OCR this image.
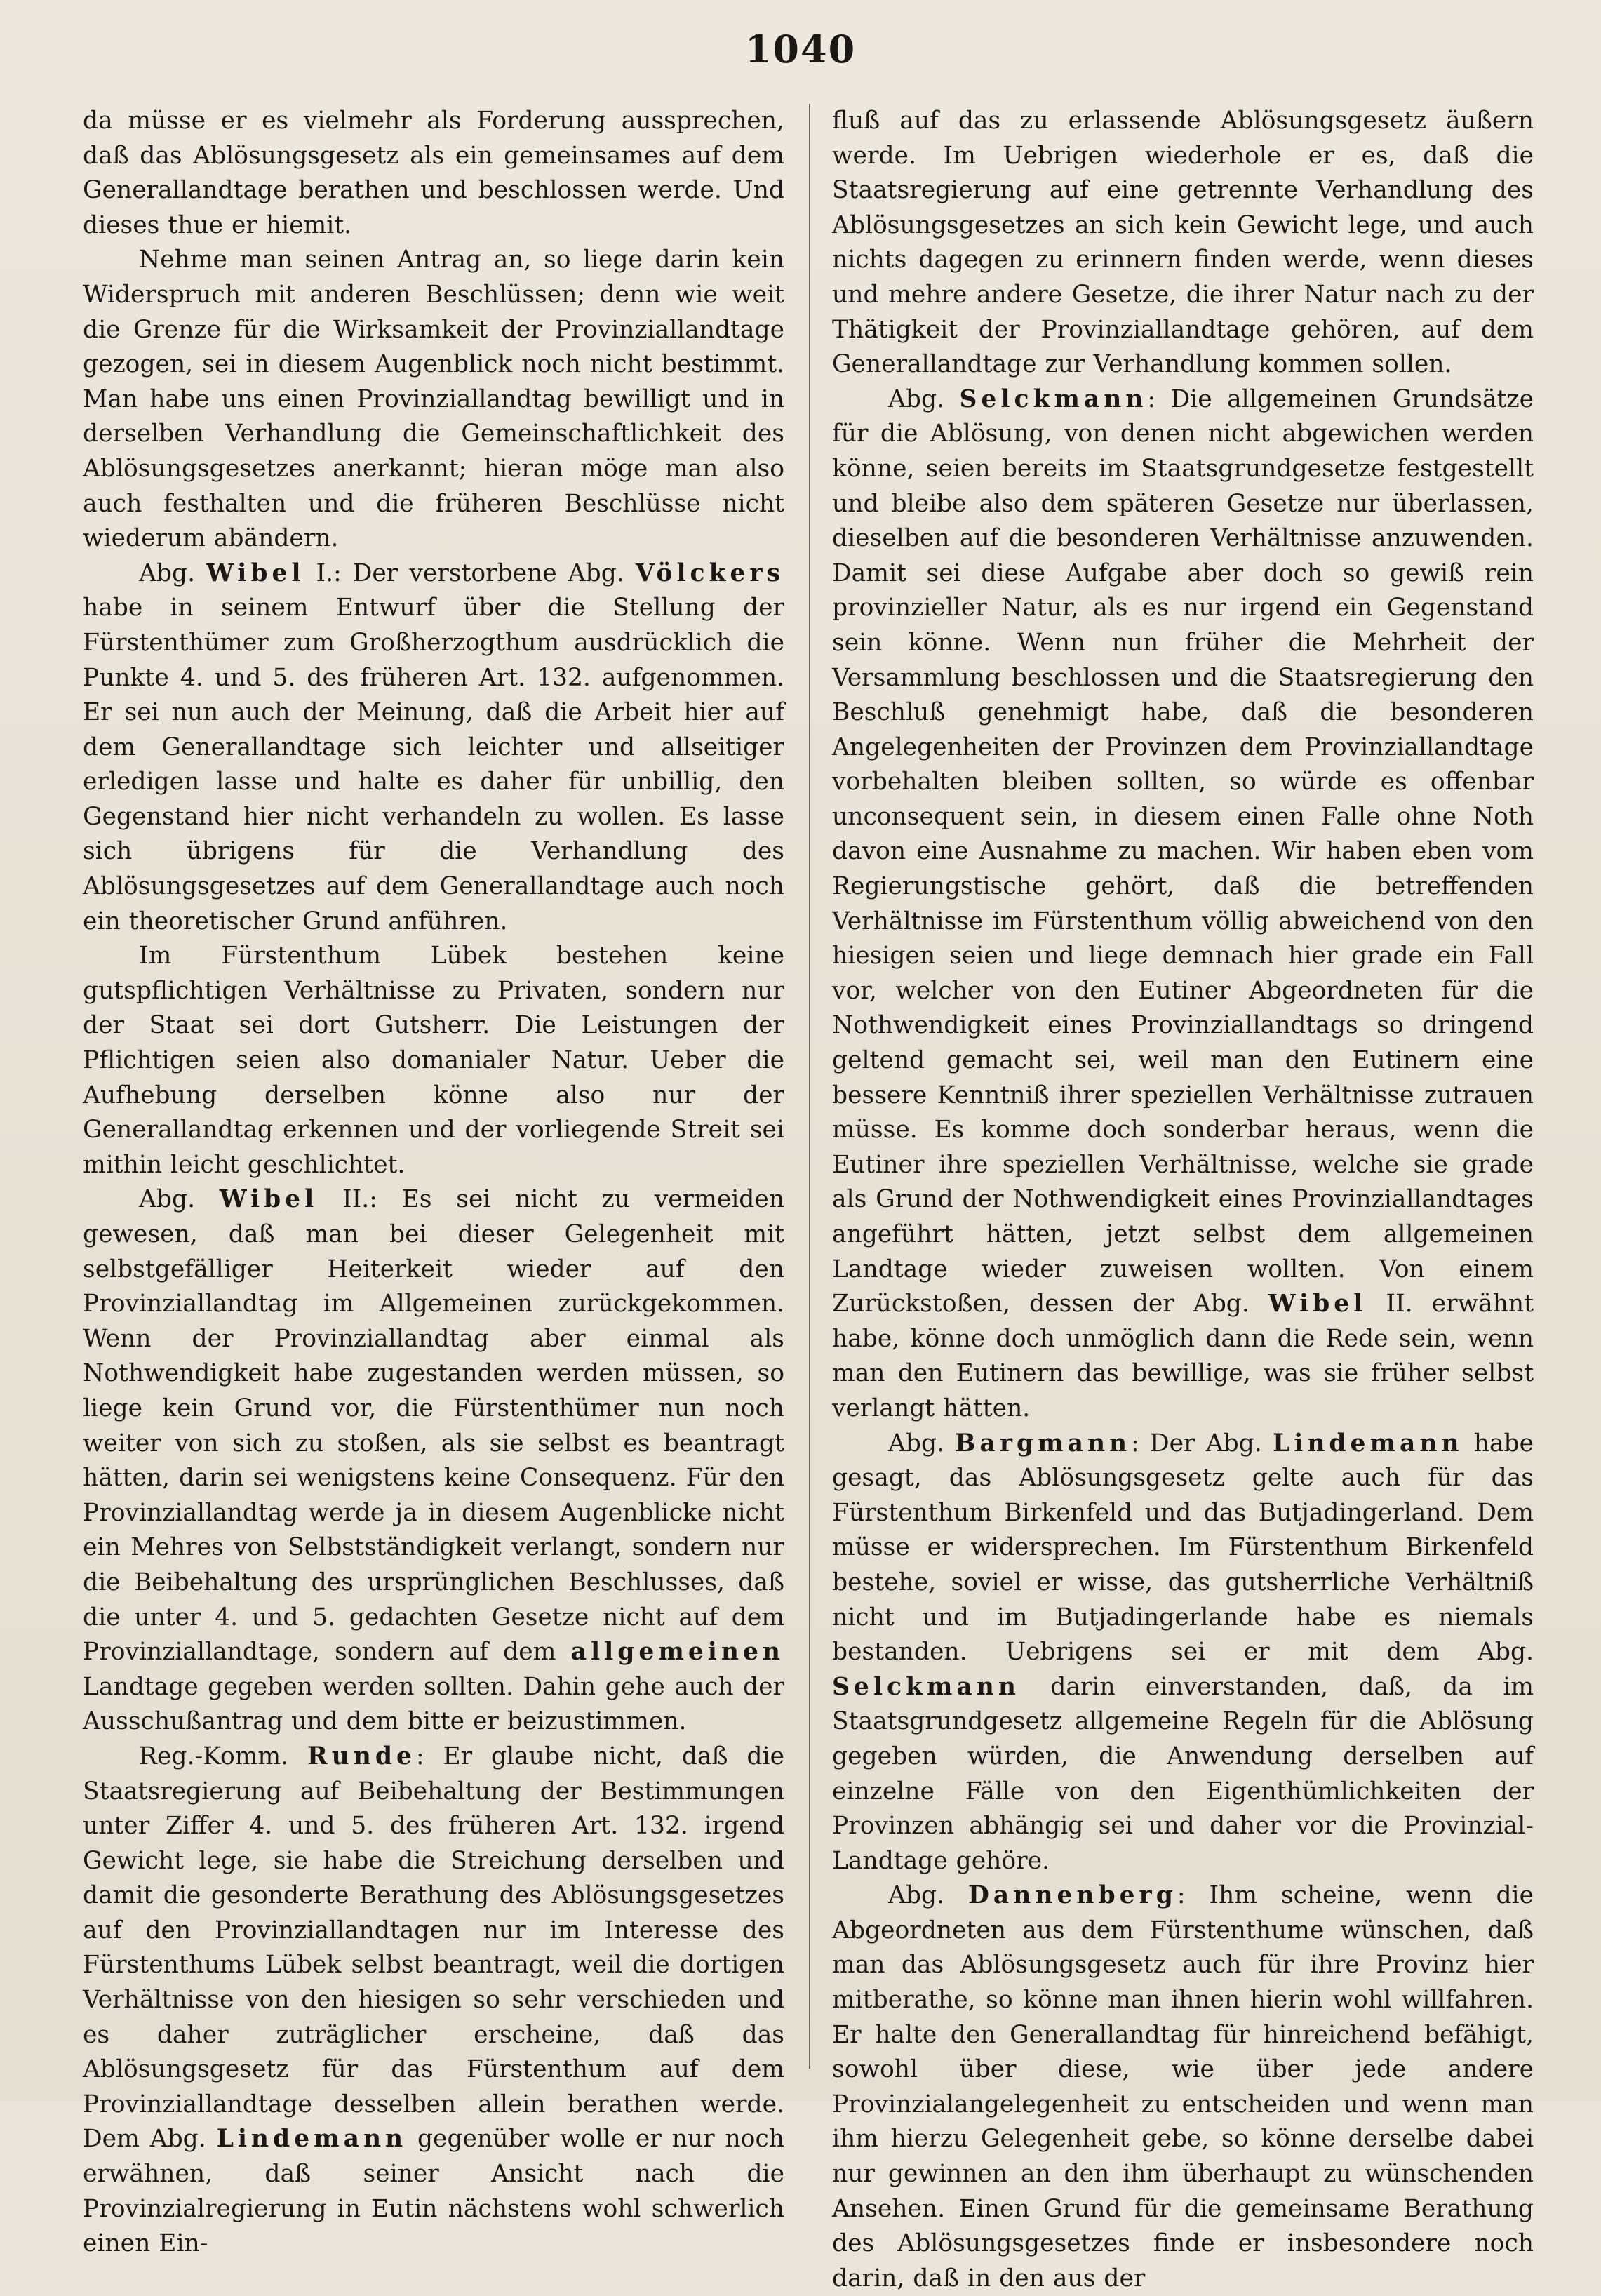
1040

da müsse er es vielmehr als Forderung aussprechen, daß das Ablösungsgesetz als ein gemeinsames auf dem Generallandtage berathen und beschlossen werde. Und dieses thue er hiemit.

Nehme man seinen Antrag an, so liege darin kein Widerspruch mit anderen Beschlüssen; denn wie weit die Grenze für die Wirksamkeit der Provinziallandtage gezogen, sei in diesem Augenblick noch nicht bestimmt. Man habe uns einen Provinziallandtag bewilligt und in derselben Verhandlung die Gemeinschaftlichkeit des Ablösungsgesetzes anerkannt; hieran möge man also auch festhalten und die früheren Beschlüsse nicht wiederum abändern.

Abg. Wibel I.: Der verstorbene Abg. Völckers habe in seinem Entwurf über die Stellung der Fürstenthümer zum Großherzogthum ausdrücklich die Punkte 4. und 5. des früheren Art. 132. aufgenommen. Er sei nun auch der Meinung, daß die Arbeit hier auf dem Generallandtage sich leichter und allseitiger erledigen lasse und halte es daher für unbillig, den Gegenstand hier nicht verhandeln zu wollen. Es lasse sich übrigens für die Verhandlung des Ablösungsgesetzes auf dem Generallandtage auch noch ein theoretischer Grund anführen.

Im Fürstenthum Lübek bestehen keine gutspflichtigen Verhältnisse zu Privaten, sondern nur der Staat sei dort Gutsherr. Die Leistungen der Pflichtigen seien also domanialer Natur. Ueber die Aufhebung derselben könne also nur der Generallandtag erkennen und der vorliegende Streit sei mithin leicht geschlichtet.

Abg. Wibel II.: Es sei nicht zu vermeiden gewesen, daß man bei dieser Gelegenheit mit selbstgefälliger Heiterkeit wieder auf den Provinziallandtag im Allgemeinen zurückgekommen. Wenn der Provinziallandtag aber einmal als Nothwendigkeit habe zugestanden werden müssen, so liege kein Grund vor, die Fürstenthümer nun noch weiter von sich zu stoßen, als sie selbst es beantragt hätten, darin sei wenigstens keine Consequenz. Für den Provinziallandtag werde ja in diesem Augenblicke nicht ein Mehres von Selbstständigkeit verlangt, sondern nur die Beibehaltung des ursprünglichen Beschlusses, daß die unter 4. und 5. gedachten Gesetze nicht auf dem Provinziallandtage, sondern auf dem allgemeinen Landtage gegeben werden sollten. Dahin gehe auch der Ausschußantrag und dem bitte er beizustimmen.

Reg.-Komm. Runde: Er glaube nicht, daß die Staatsregierung auf Beibehaltung der Bestimmungen unter Ziffer 4. und 5. des früheren Art. 132. irgend Gewicht lege, sie habe die Streichung derselben und damit die gesonderte Berathung des Ablösungsgesetzes auf den Provinziallandtagen nur im Interesse des Fürstenthums Lübek selbst beantragt, weil die dortigen Verhältnisse von den hiesigen so sehr verschieden und es daher zuträglicher erscheine, daß das Ablösungsgesetz für das Fürstenthum auf dem Provinziallandtage desselben allein berathen werde. Dem Abg. Lindemann gegenüber wolle er nur noch erwähnen, daß seiner Ansicht nach die Provinzialregierung in Eutin nächstens wohl schwerlich einen Ein-

fluß auf das zu erlassende Ablösungsgesetz äußern werde. Im Uebrigen wiederhole er es, daß die Staatsregierung auf eine getrennte Verhandlung des Ablösungsgesetzes an sich kein Gewicht lege, und auch nichts dagegen zu erinnern finden werde, wenn dieses und mehre andere Gesetze, die ihrer Natur nach zu der Thätigkeit der Provinziallandtage gehören, auf dem Generallandtage zur Verhandlung kommen sollen.

Abg. Selckmann: Die allgemeinen Grundsätze für die Ablösung, von denen nicht abgewichen werden könne, seien bereits im Staatsgrundgesetze festgestellt und bleibe also dem späteren Gesetze nur überlassen, dieselben auf die besonderen Verhältnisse anzuwenden. Damit sei diese Aufgabe aber doch so gewiß rein provinzieller Natur, als es nur irgend ein Gegenstand sein könne. Wenn nun früher die Mehrheit der Versammlung beschlossen und die Staatsregierung den Beschluß genehmigt habe, daß die besonderen Angelegenheiten der Provinzen dem Provinziallandtage vorbehalten bleiben sollten, so würde es offenbar unconsequent sein, in diesem einen Falle ohne Noth davon eine Ausnahme zu machen. Wir haben eben vom Regierungstische gehört, daß die betreffenden Verhältnisse im Fürstenthum völlig abweichend von den hiesigen seien und liege demnach hier grade ein Fall vor, welcher von den Eutiner Abgeordneten für die Nothwendigkeit eines Provinziallandtags so dringend geltend gemacht sei, weil man den Eutinern eine bessere Kenntniß ihrer speziellen Verhältnisse zutrauen müsse. Es komme doch sonderbar heraus, wenn die Eutiner ihre speziellen Verhältnisse, welche sie grade als Grund der Nothwendigkeit eines Provinziallandtages angeführt hätten, jetzt selbst dem allgemeinen Landtage wieder zuweisen wollten. Von einem Zurückstoßen, dessen der Abg. Wibel II. erwähnt habe, könne doch unmöglich dann die Rede sein, wenn man den Eutinern das bewillige, was sie früher selbst verlangt hätten.

Abg. Bargmann: Der Abg. Lindemann habe gesagt, das Ablösungsgesetz gelte auch für das Fürstenthum Birkenfeld und das Butjadingerland. Dem müsse er widersprechen. Im Fürstenthum Birkenfeld bestehe, soviel er wisse, das gutsherrliche Verhältniß nicht und im Butjadingerlande habe es niemals bestanden. Uebrigens sei er mit dem Abg. Selckmann darin einverstanden, daß, da im Staatsgrundgesetz allgemeine Regeln für die Ablösung gegeben würden, die Anwendung derselben auf einzelne Fälle von den Eigenthümlichkeiten der Provinzen abhängig sei und daher vor die Provinzial-Landtage gehöre.

Abg. Dannenberg: Ihm scheine, wenn die Abgeordneten aus dem Fürstenthume wünschen, daß man das Ablösungsgesetz auch für ihre Provinz hier mitberathe, so könne man ihnen hierin wohl willfahren. Er halte den Generallandtag für hinreichend befähigt, sowohl über diese, wie über jede andere Provinzialangelegenheit zu entscheiden und wenn man ihm hierzu Gelegenheit gebe, so könne derselbe dabei nur gewinnen an den ihm überhaupt zu wünschenden Ansehen. Einen Grund für die gemeinsame Berathung des Ablösungsgesetzes finde er insbesondere noch darin, daß in den aus der
